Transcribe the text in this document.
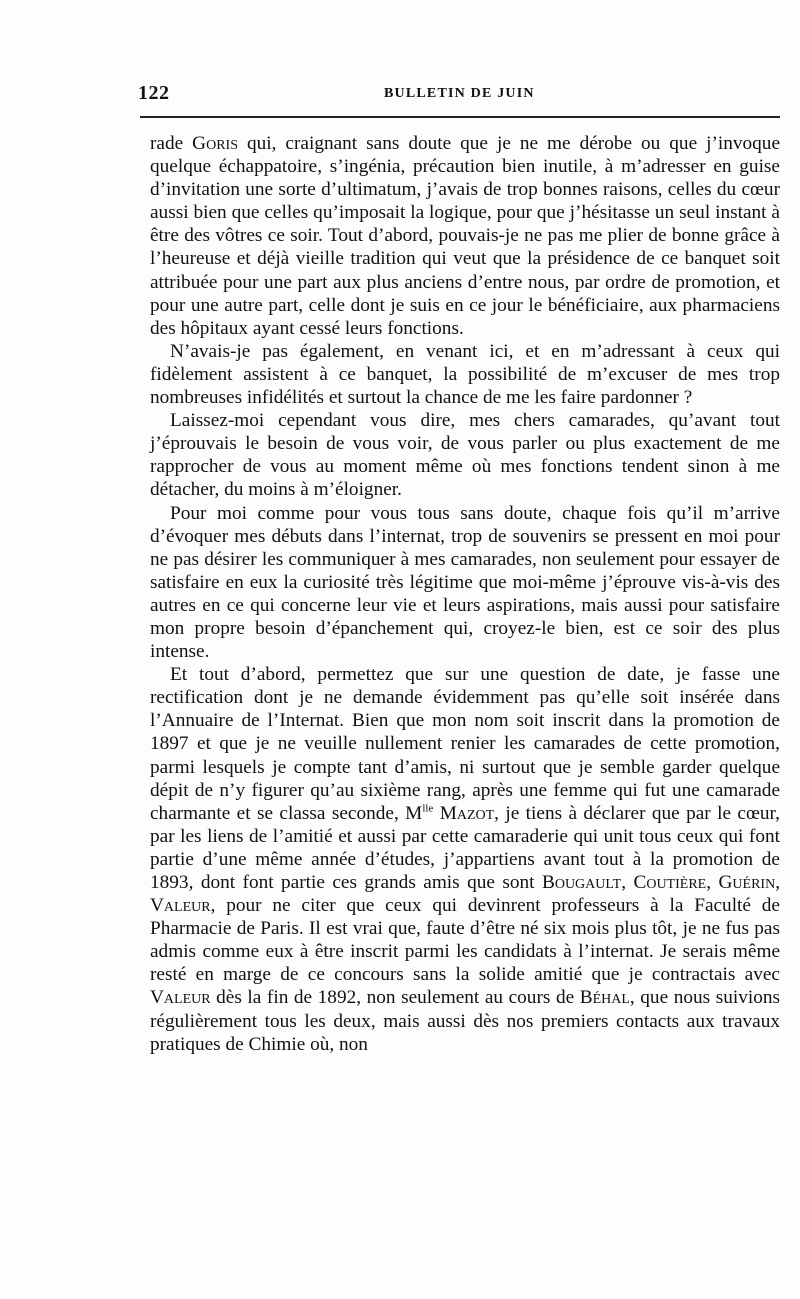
122	BULLETIN DE JUIN

rade Goris qui, craignant sans doute que je ne me dérobe ou que j’invoque quelque échappatoire, s’ingénia, précaution bien inutile, à m’adresser en guise d’invitation une sorte d’ultimatum, j’avais de trop bonnes raisons, celles du cœur aussi bien que celles qu’imposait la logique, pour que j’hésitasse un seul instant à être des vôtres ce soir. Tout d’abord, pouvais-je ne pas me plier de bonne grâce à l’heureuse et déjà vieille tradition qui veut que la présidence de ce banquet soit attribuée pour une part aux plus anciens d’entre nous, par ordre de promotion, et pour une autre part, celle dont je suis en ce jour le bénéficiaire, aux pharmaciens des hôpitaux ayant cessé leurs fonctions.

N’avais-je pas également, en venant ici, et en m’adressant à ceux qui fidèlement assistent à ce banquet, la possibilité de m’excuser de mes trop nombreuses infidélités et surtout la chance de me les faire pardonner ?

Laissez-moi cependant vous dire, mes chers camarades, qu’avant tout j’éprouvais le besoin de vous voir, de vous parler ou plus exactement de me rapprocher de vous au moment même où mes fonctions tendent sinon à me détacher, du moins à m’éloigner.

Pour moi comme pour vous tous sans doute, chaque fois qu’il m’arrive d’évoquer mes débuts dans l’internat, trop de souvenirs se pressent en moi pour ne pas désirer les communiquer à mes camarades, non seulement pour essayer de satisfaire en eux la curiosité très légitime que moi-même j’éprouve vis-à-vis des autres en ce qui concerne leur vie et leurs aspirations, mais aussi pour satisfaire mon propre besoin d’épanchement qui, croyez-le bien, est ce soir des plus intense.

Et tout d’abord, permettez que sur une question de date, je fasse une rectification dont je ne demande évidemment pas qu’elle soit insérée dans l’Annuaire de l’Internat. Bien que mon nom soit inscrit dans la promotion de 1897 et que je ne veuille nullement renier les camarades de cette promotion, parmi lesquels je compte tant d’amis, ni surtout que je semble garder quelque dépit de n’y figurer qu’au sixième rang, après une femme qui fut une camarade charmante et se classa seconde, $M^{lle}$ Mazot, je tiens à déclarer que par le cœur, par les liens de l’amitié et aussi par cette camaraderie qui unit tous ceux qui font partie d’une même année d’études, j’appartiens avant tout à la promotion de 1893, dont font partie ces grands amis que sont Bougault, Coutière, Guérin, Valeur, pour ne citer que ceux qui devinrent professeurs à la Faculté de Pharmacie de Paris. Il est vrai que, faute d’être né six mois plus tôt, je ne fus pas admis comme eux à être inscrit parmi les candidats à l’internat. Je serais même resté en marge de ce concours sans la solide amitié que je contractais avec Valeur dès la fin de 1892, non seulement au cours de Béhal, que nous suivions régulièrement tous les deux, mais aussi dès nos premiers contacts aux travaux pratiques de Chimie où, non
